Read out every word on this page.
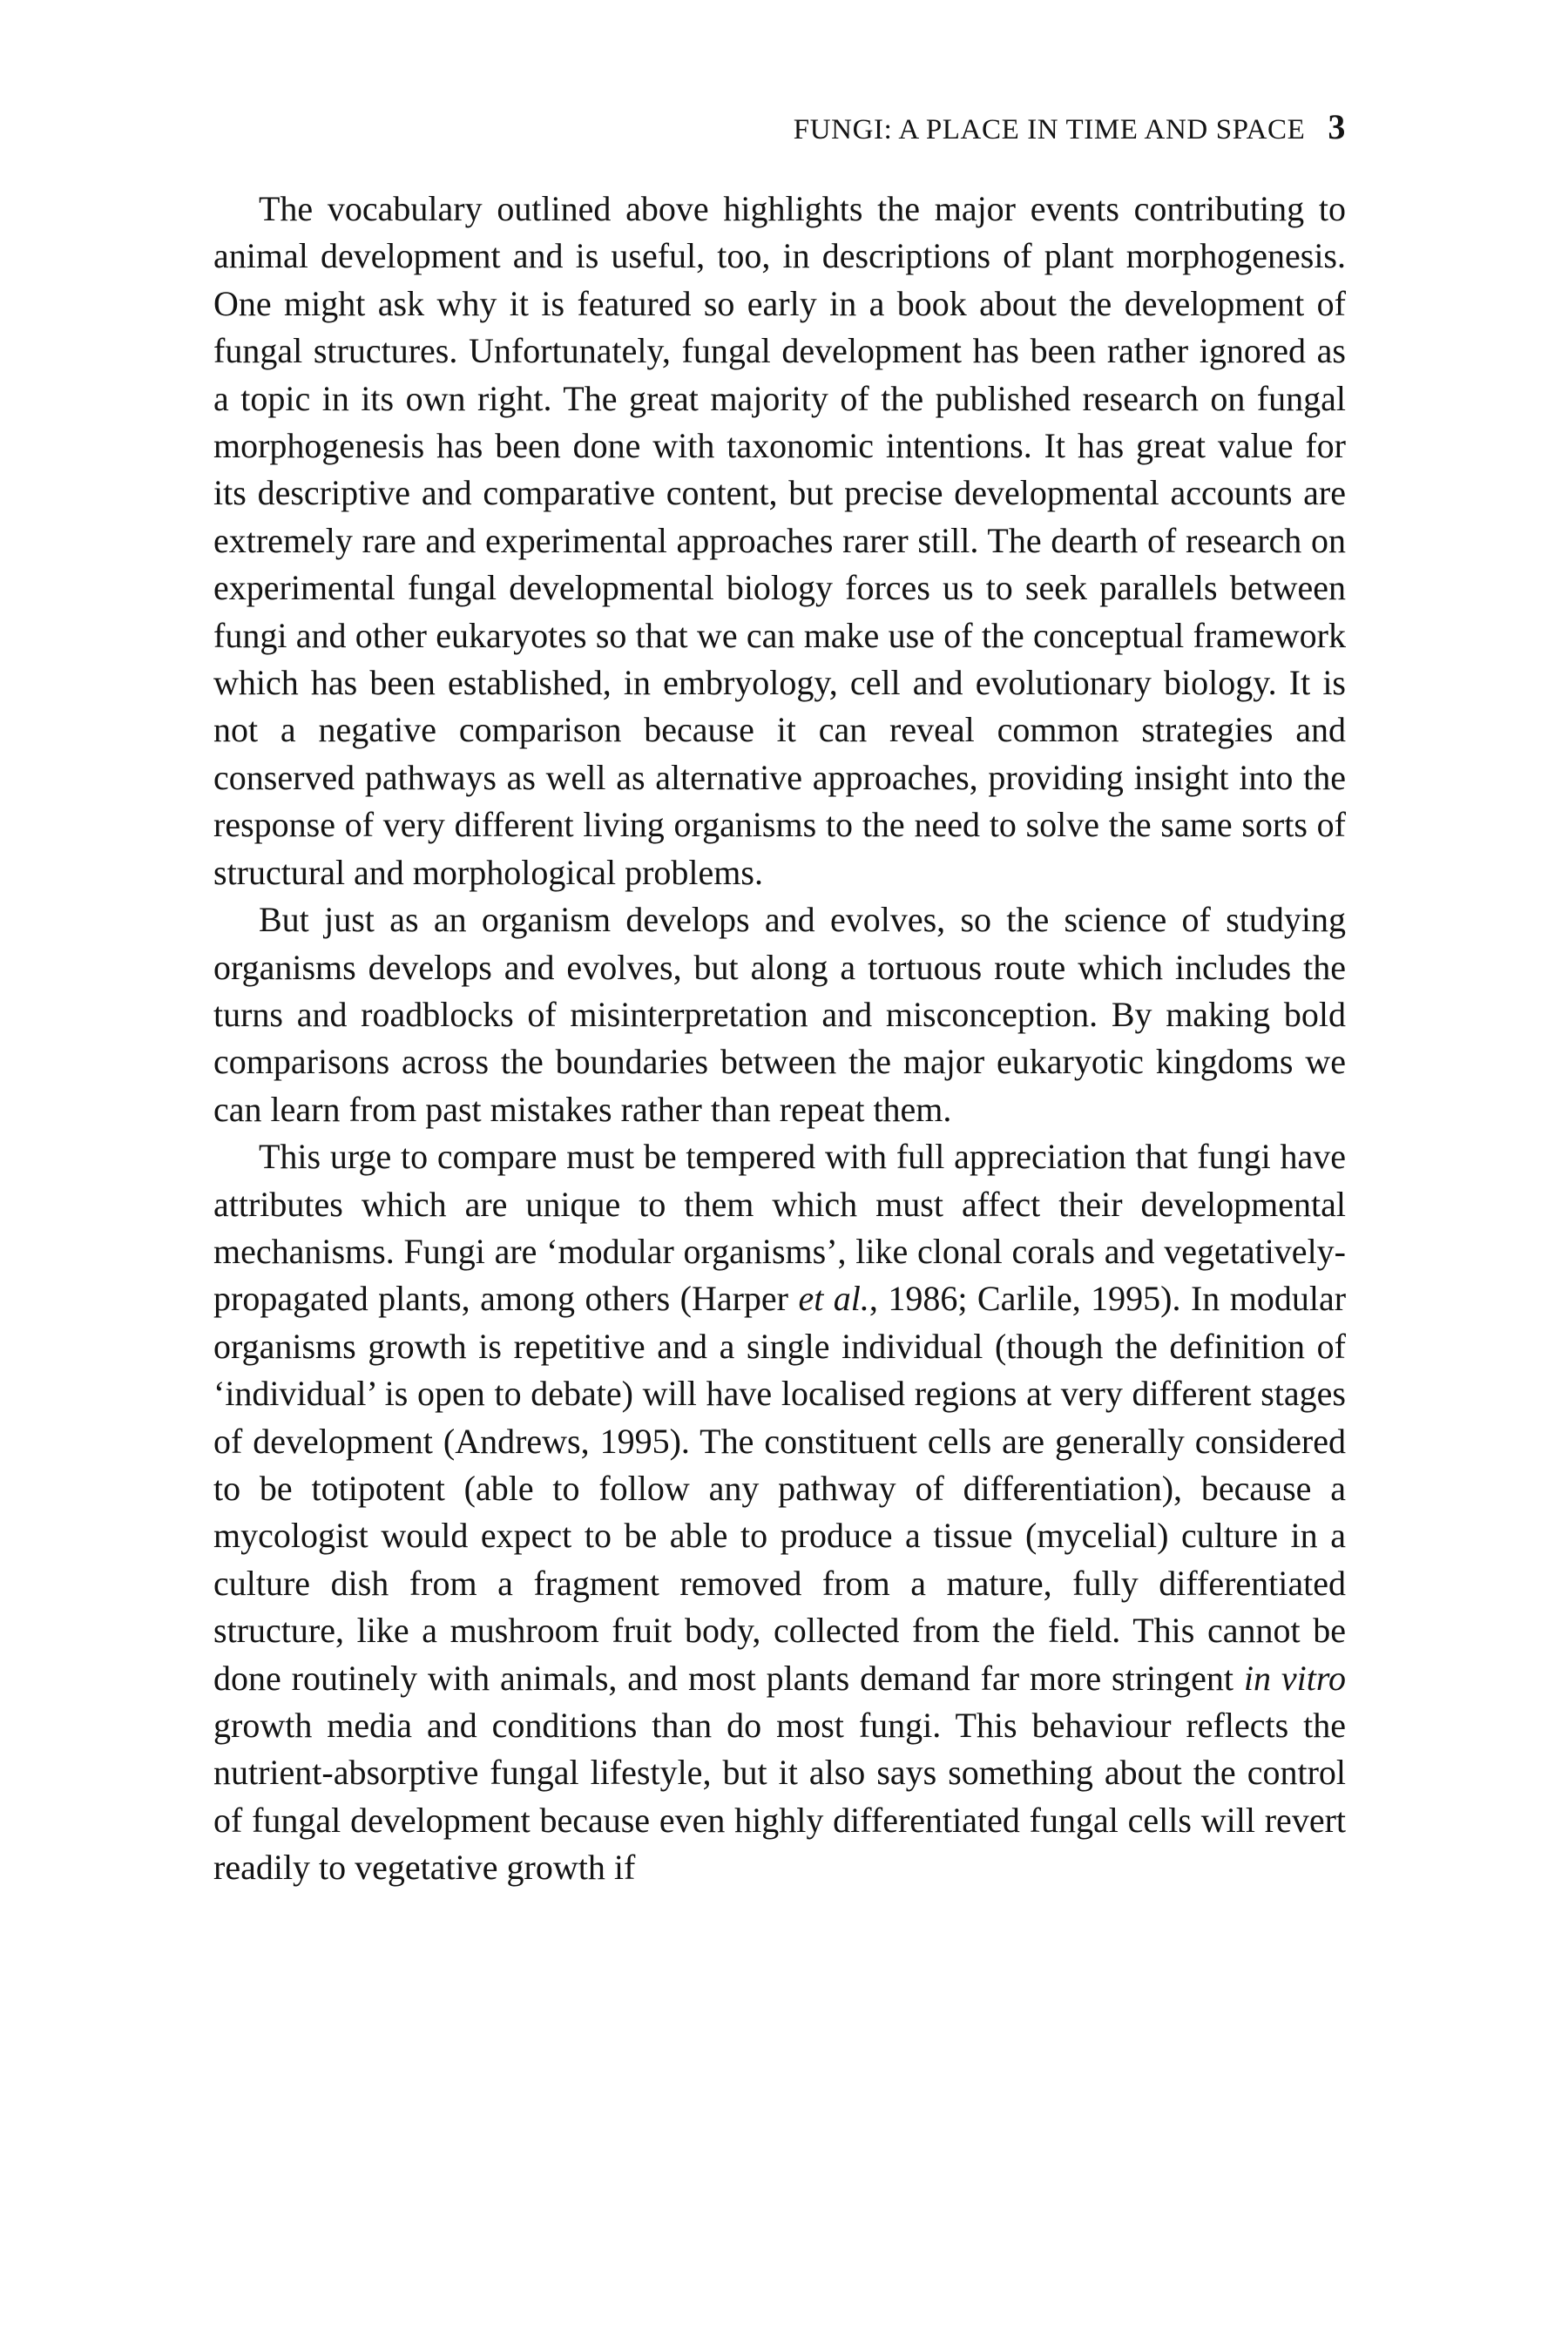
FUNGI: A PLACE IN TIME AND SPACE 3

The vocabulary outlined above highlights the major events contributing to animal development and is useful, too, in descriptions of plant morphogenesis. One might ask why it is featured so early in a book about the development of fungal structures. Unfortunately, fungal development has been rather ignored as a topic in its own right. The great majority of the published research on fungal morphogenesis has been done with taxonomic intentions. It has great value for its descriptive and comparative content, but precise developmental accounts are extremely rare and experimental approaches rarer still. The dearth of research on experimental fungal developmental biology forces us to seek parallels between fungi and other eukaryotes so that we can make use of the conceptual framework which has been established, in embryology, cell and evolutionary biology. It is not a negative comparison because it can reveal common strategies and conserved pathways as well as alternative approaches, providing insight into the response of very different living organisms to the need to solve the same sorts of structural and morphological problems.

But just as an organism develops and evolves, so the science of studying organisms develops and evolves, but along a tortuous route which includes the turns and roadblocks of misinterpretation and misconception. By making bold comparisons across the boundaries between the major eukaryotic kingdoms we can learn from past mistakes rather than repeat them.

This urge to compare must be tempered with full appreciation that fungi have attributes which are unique to them which must affect their developmental mechanisms. Fungi are ‘modular organisms’, like clonal corals and vegetatively-propagated plants, among others (Harper et al., 1986; Carlile, 1995). In modular organisms growth is repetitive and a single individual (though the definition of ‘individual’ is open to debate) will have localised regions at very different stages of development (Andrews, 1995). The constituent cells are generally considered to be totipotent (able to follow any pathway of differentiation), because a mycologist would expect to be able to produce a tissue (mycelial) culture in a culture dish from a fragment removed from a mature, fully differentiated structure, like a mushroom fruit body, collected from the field. This cannot be done routinely with animals, and most plants demand far more stringent in vitro growth media and conditions than do most fungi. This behaviour reflects the nutrient-absorptive fungal lifestyle, but it also says something about the control of fungal development because even highly differentiated fungal cells will revert readily to vegetative growth if
